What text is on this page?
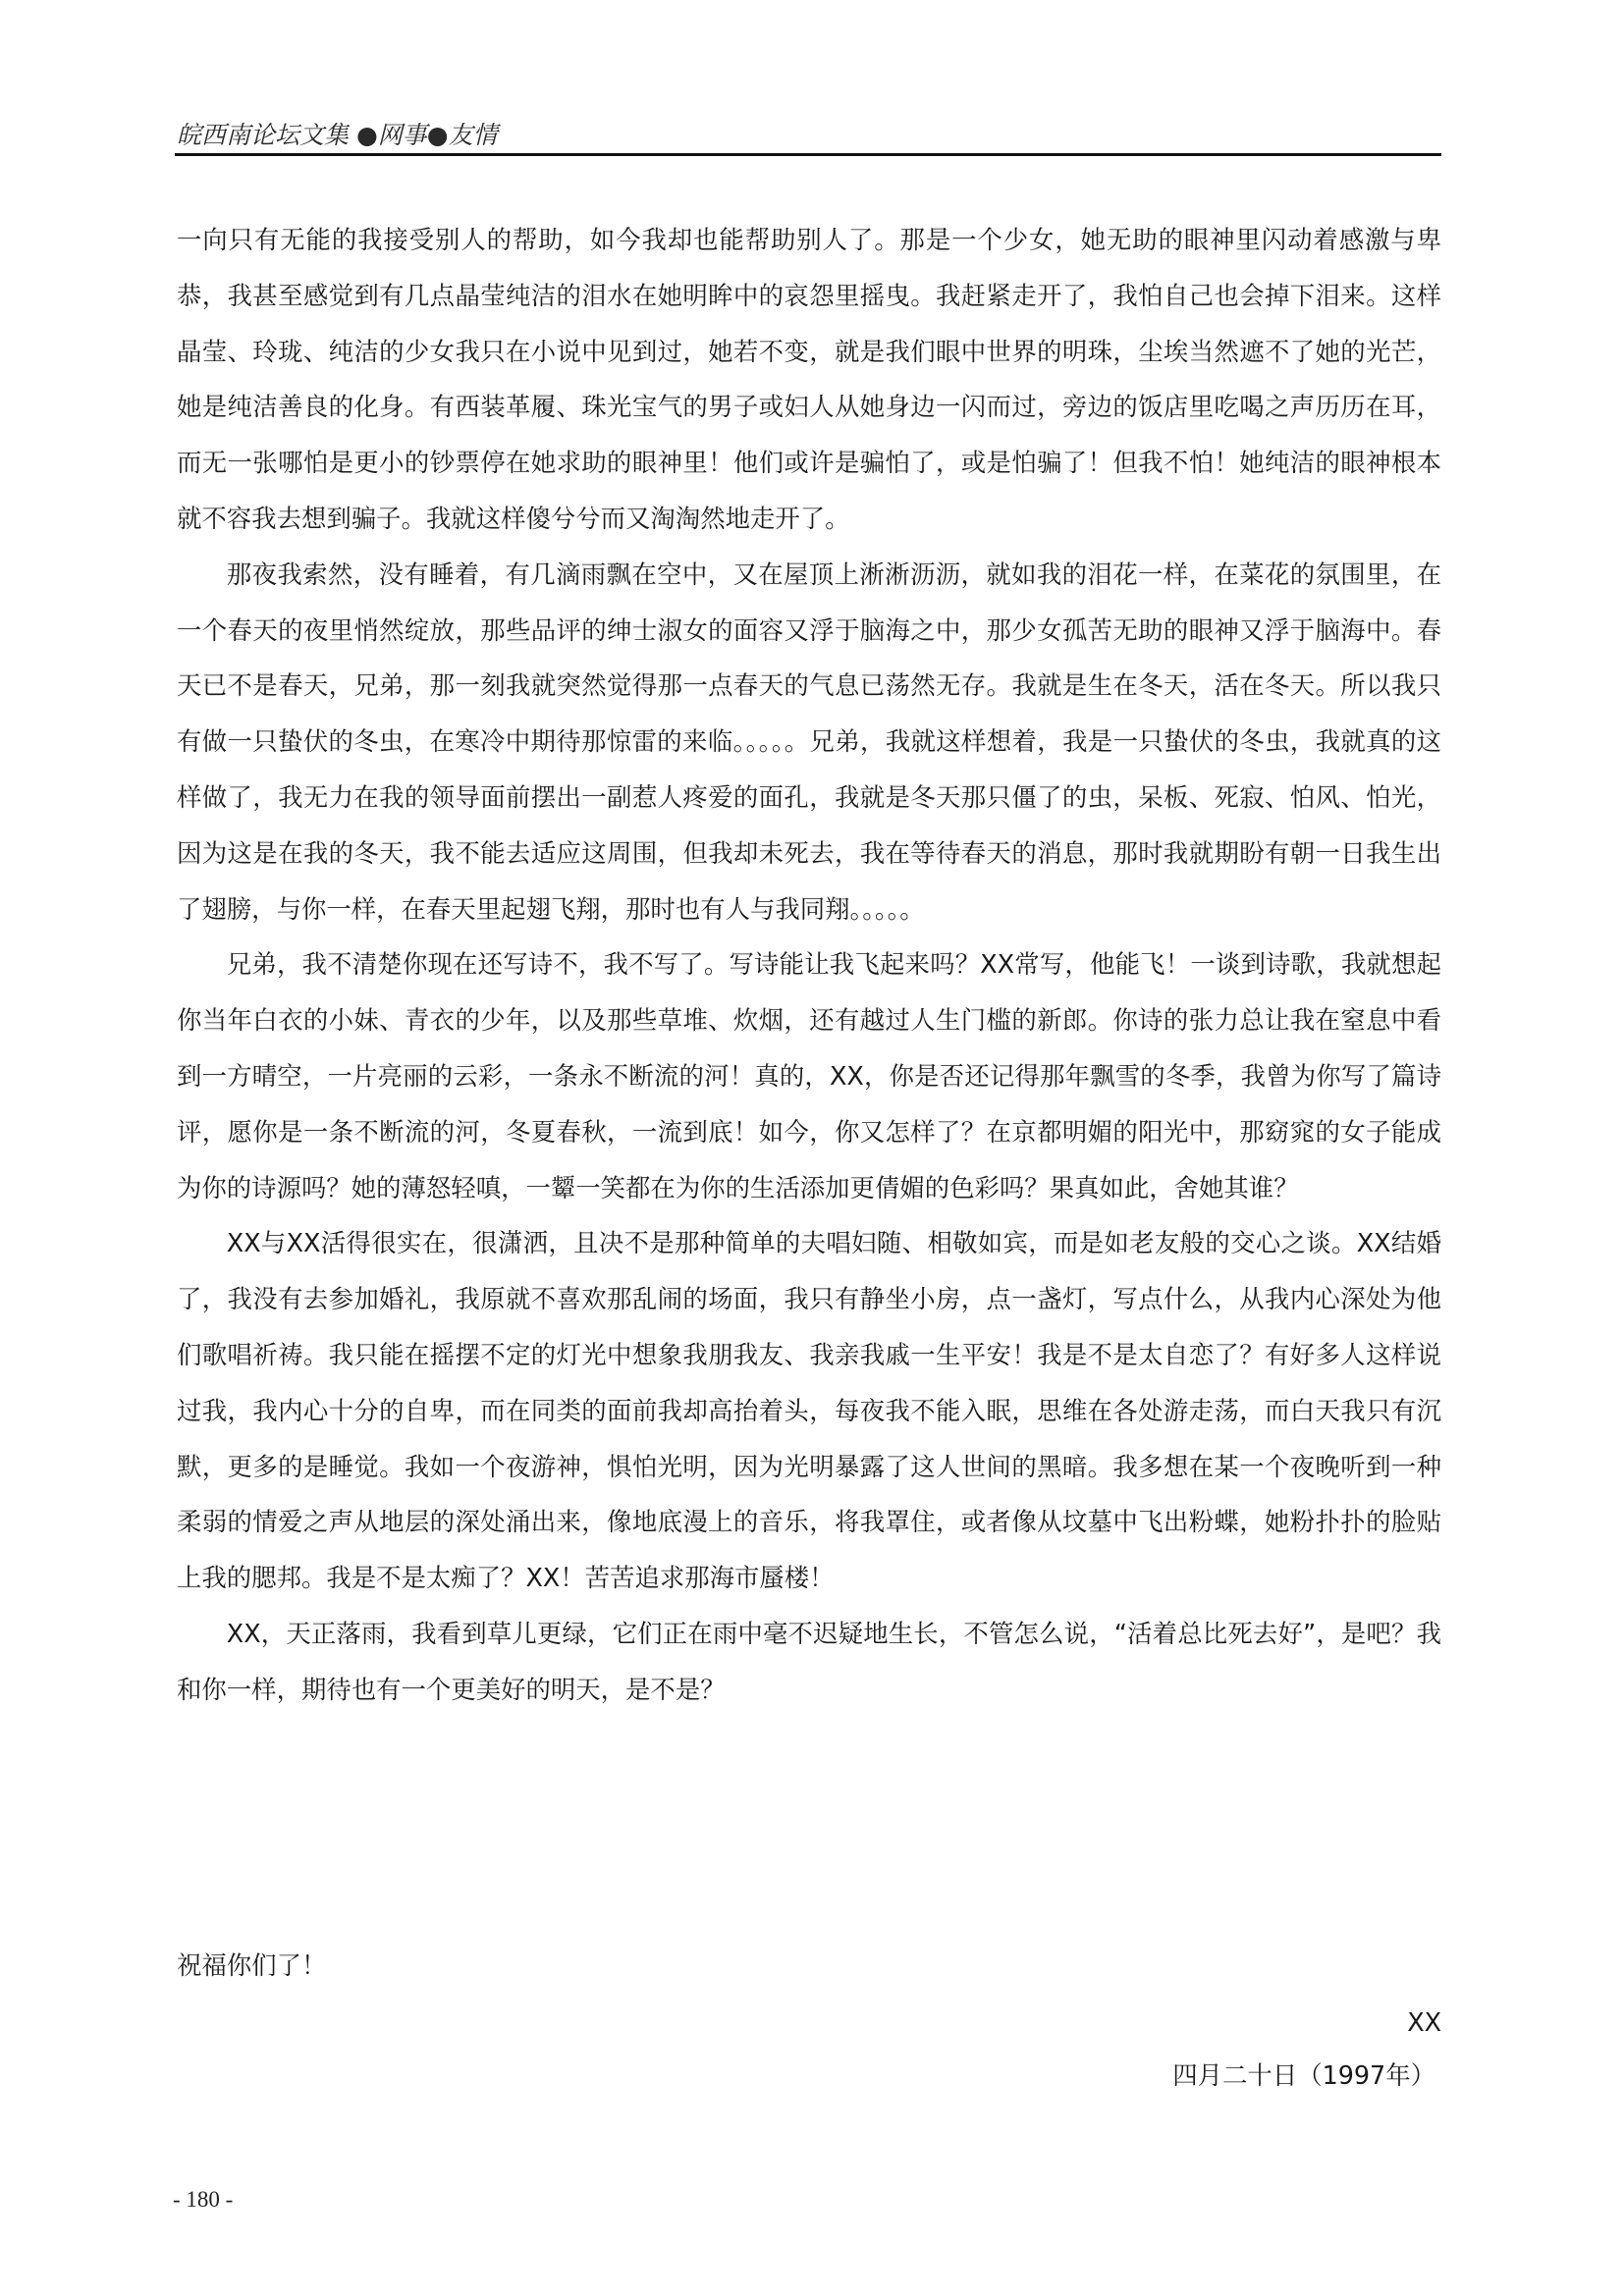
皖西南论坛文集 ●网事●友情

一向只有无能的我接受别人的帮助，如今我却也能帮助别人了。那是一个少女，她无助的眼神里闪动着感激与卑恭，我甚至感觉到有几点晶莹纯洁的泪水在她明眸中的哀怨里摇曳。我赶紧走开了，我怕自己也会掉下泪来。这样晶莹、玲珑、纯洁的少女我只在小说中见到过，她若不变，就是我们眼中世界的明珠，尘埃当然遮不了她的光芒，她是纯洁善良的化身。有西装革履、珠光宝气的男子或妇人从她身边一闪而过，旁边的饭店里吃喝之声历历在耳，而无一张哪怕是更小的钞票停在她求助的眼神里！他们或许是骗怕了，或是怕骗了！但我不怕！她纯洁的眼神根本就不容我去想到骗子。我就这样傻兮兮而又淘淘然地走开了。

那夜我索然，没有睡着，有几滴雨飘在空中，又在屋顶上淅淅沥沥，就如我的泪花一样，在菜花的氛围里，在一个春天的夜里悄然绽放，那些品评的绅士淑女的面容又浮于脑海之中，那少女孤苦无助的眼神又浮于脑海中。春天已不是春天，兄弟，那一刻我就突然觉得那一点春天的气息已荡然无存。我就是生在冬天，活在冬天。所以我只有做一只蛰伏的冬虫，在寒冷中期待那惊雷的来临。。。。。兄弟，我就这样想着，我是一只蛰伏的冬虫，我就真的这样做了，我无力在我的领导面前摆出一副惹人疼爱的面孔，我就是冬天那只僵了的虫，呆板、死寂、怕风、怕光，因为这是在我的冬天，我不能去适应这周围，但我却未死去，我在等待春天的消息，那时我就期盼有朝一日我生出了翅膀，与你一样，在春天里起翅飞翔，那时也有人与我同翔。。。。。

兄弟，我不清楚你现在还写诗不，我不写了。写诗能让我飞起来吗？XX常写，他能飞！一谈到诗歌，我就想起你当年白衣的小妹、青衣的少年，以及那些草堆、炊烟，还有越过人生门槛的新郎。你诗的张力总让我在窒息中看到一方晴空，一片亮丽的云彩，一条永不断流的河！真的，XX，你是否还记得那年飘雪的冬季，我曾为你写了篇诗评，愿你是一条不断流的河，冬夏春秋，一流到底！如今，你又怎样了？在京都明媚的阳光中，那窈窕的女子能成为你的诗源吗？她的薄怒轻嗔，一颦一笑都在为你的生活添加更倩媚的色彩吗？果真如此，舍她其谁？

XX与XX活得很实在，很潇洒，且决不是那种简单的夫唱妇随、相敬如宾，而是如老友般的交心之谈。XX结婚了，我没有去参加婚礼，我原就不喜欢那乱闹的场面，我只有静坐小房，点一盏灯，写点什么，从我内心深处为他们歌唱祈祷。我只能在摇摆不定的灯光中想象我朋我友、我亲我戚一生平安！我是不是太自恋了？有好多人这样说过我，我内心十分的自卑，而在同类的面前我却高抬着头，每夜我不能入眠，思维在各处游走荡，而白天我只有沉默，更多的是睡觉。我如一个夜游神，惧怕光明，因为光明暴露了这人世间的黑暗。我多想在某一个夜晚听到一种柔弱的情爱之声从地层的深处涌出来，像地底漫上的音乐，将我罩住，或者像从坟墓中飞出粉蝶，她粉扑扑的脸贴上我的腮邦。我是不是太痴了？XX！苦苦追求那海市蜃楼！

XX，天正落雨，我看到草儿更绿，它们正在雨中毫不迟疑地生长，不管怎么说，“活着总比死去好”，是吧？我和你一样，期待也有一个更美好的明天，是不是？

祝福你们了！
XX
四月二十日（1997年）
- 180 -
